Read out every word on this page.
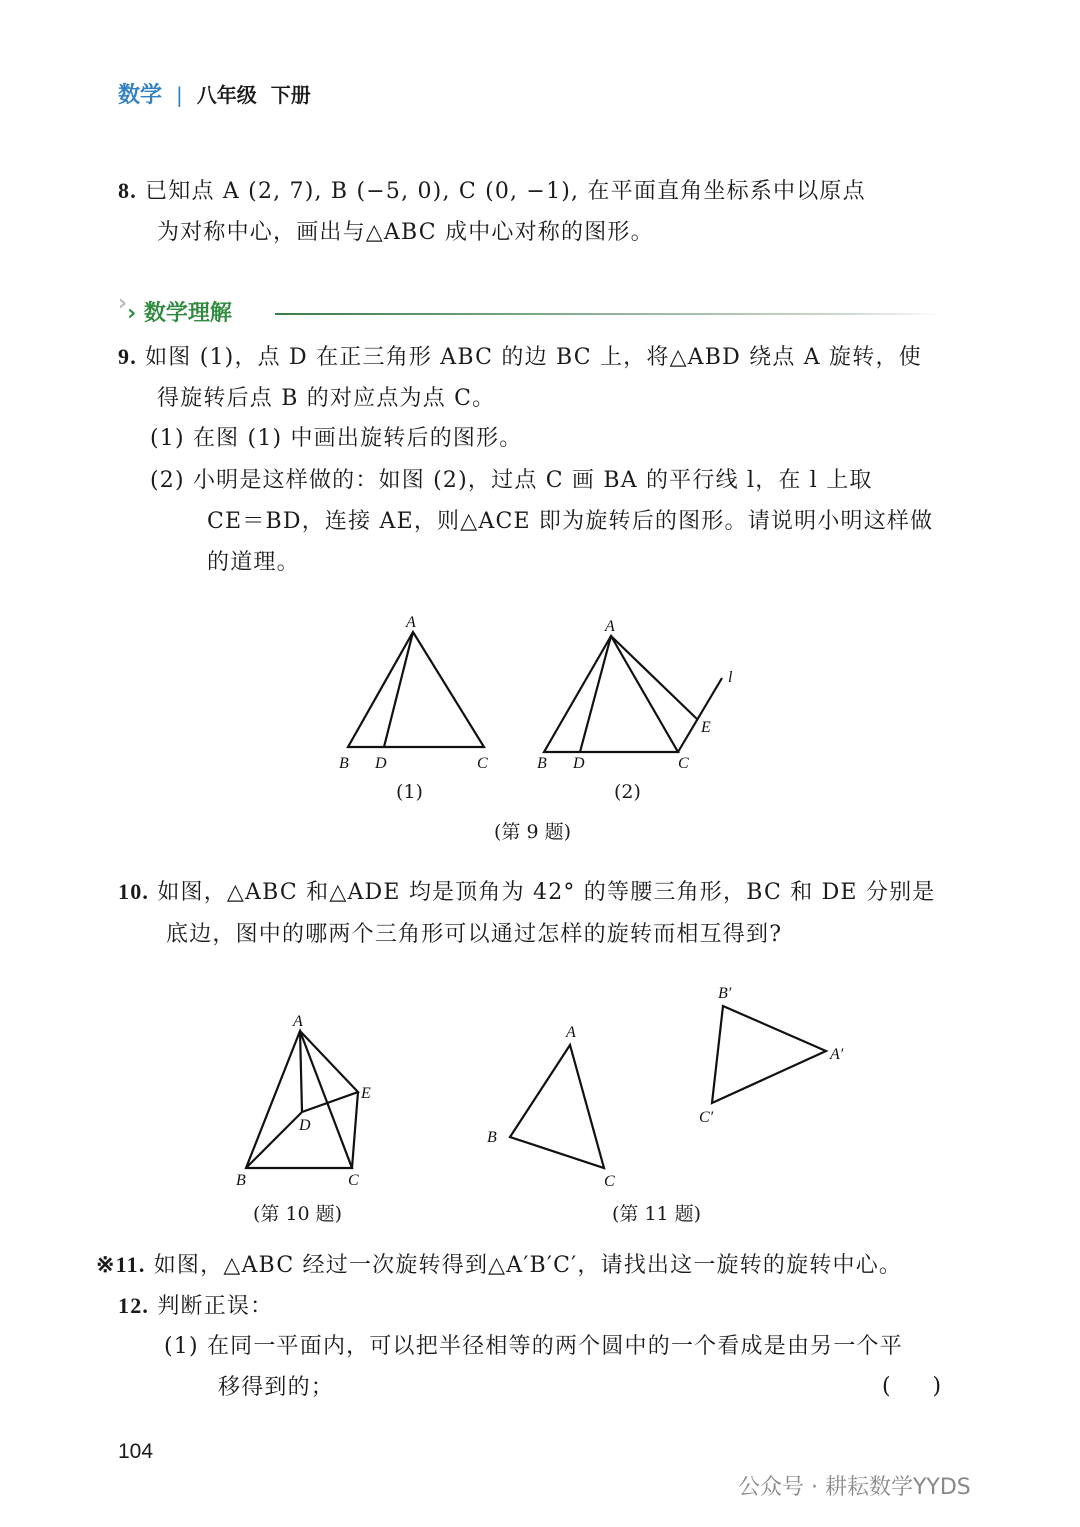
数学 | 八年级  下册
8. 已知点 A (2, 7), B (−5, 0), C (0, −1), 在平面直角坐标系中以原点
为对称中心，画出与△ABC 成中心对称的图形。
›› 数学理解
9. 如图 (1)，点 D 在正三角形 ABC 的边 BC 上，将△ABD 绕点 A 旋转，使
得旋转后点 B 的对应点为点 C。
(1) 在图 (1) 中画出旋转后的图形。
(2) 小明是这样做的：如图 (2)，过点 C 画 BA 的平行线 l，在 l 上取
CE＝BD，连接 AE，则△ACE 即为旋转后的图形。请说明小明这样做
的道理。
A
B D	C
A
B D	C
E
l
A
B	C
D
E
A
B
C
B′
A′
C′
(1)	(2)
(第 9 题)
10. 如图，△ABC 和△ADE 均是顶角为 42° 的等腰三角形，BC 和 DE 分别是
底边，图中的哪两个三角形可以通过怎样的旋转而相互得到?
(第 10 题)	(第 11 题)
※11. 如图，△ABC 经过一次旋转得到△A′B′C′，请找出这一旋转的旋转中心。
12. 判断正误：
(1) 在同一平面内，可以把半径相等的两个圆中的一个看成是由另一个平
移得到的；	(      )
104
公众号 · 耕耘数学YYDS
